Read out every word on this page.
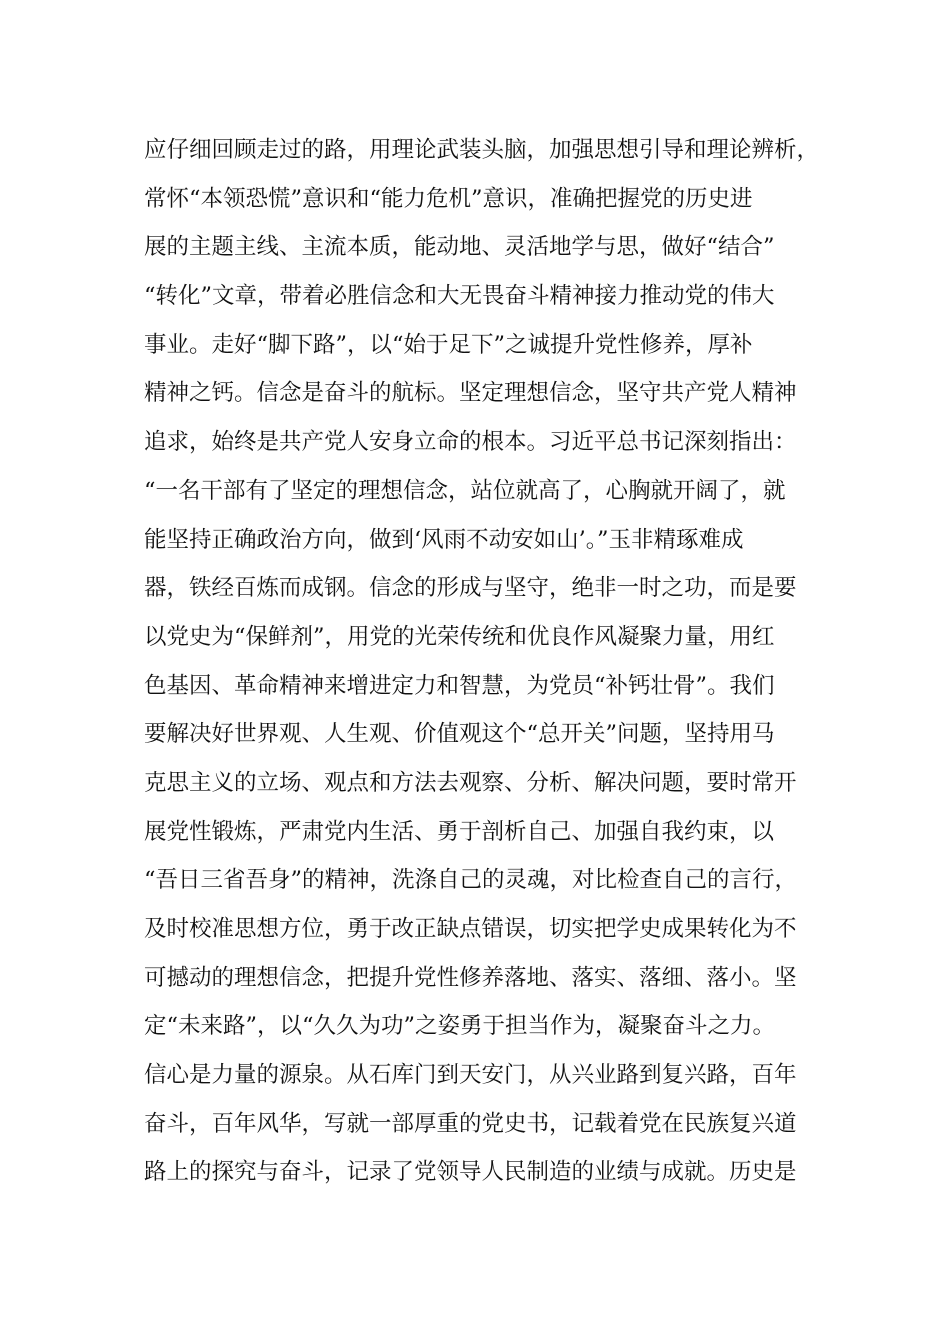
应仔细回顾走过的路，用理论武装头脑，加强思想引导和理论辨析，
常怀“本领恐慌”意识和“能力危机”意识，准确把握党的历史进
展的主题主线、主流本质，能动地、灵活地学与思，做好“结合”
“转化”文章，带着必胜信念和大无畏奋斗精神接力推动党的伟大
事业。走好“脚下路”，以“始于足下”之诚提升党性修养，厚补
精神之钙。信念是奋斗的航标。坚定理想信念，坚守共产党人精神
追求，始终是共产党人安身立命的根本。习近平总书记深刻指出：
“一名干部有了坚定的理想信念，站位就高了，心胸就开阔了，就
能坚持正确政治方向，做到‘风雨不动安如山’。”玉非精琢难成
器，铁经百炼而成钢。信念的形成与坚守，绝非一时之功，而是要
以党史为“保鲜剂”，用党的光荣传统和优良作风凝聚力量，用红
色基因、革命精神来增进定力和智慧，为党员“补钙壮骨”。我们
要解决好世界观、人生观、价值观这个“总开关”问题，坚持用马
克思主义的立场、观点和方法去观察、分析、解决问题，要时常开
展党性锻炼，严肃党内生活、勇于剖析自己、加强自我约束，以
“吾日三省吾身”的精神，洗涤自己的灵魂，对比检查自己的言行，
及时校准思想方位，勇于改正缺点错误，切实把学史成果转化为不
可撼动的理想信念，把提升党性修养落地、落实、落细、落小。坚
定“未来路”，以“久久为功”之姿勇于担当作为，凝聚奋斗之力。
信心是力量的源泉。从石库门到天安门，从兴业路到复兴路，百年
奋斗，百年风华，写就一部厚重的党史书，记载着党在民族复兴道
路上的探究与奋斗，记录了党领导人民制造的业绩与成就。历史是
